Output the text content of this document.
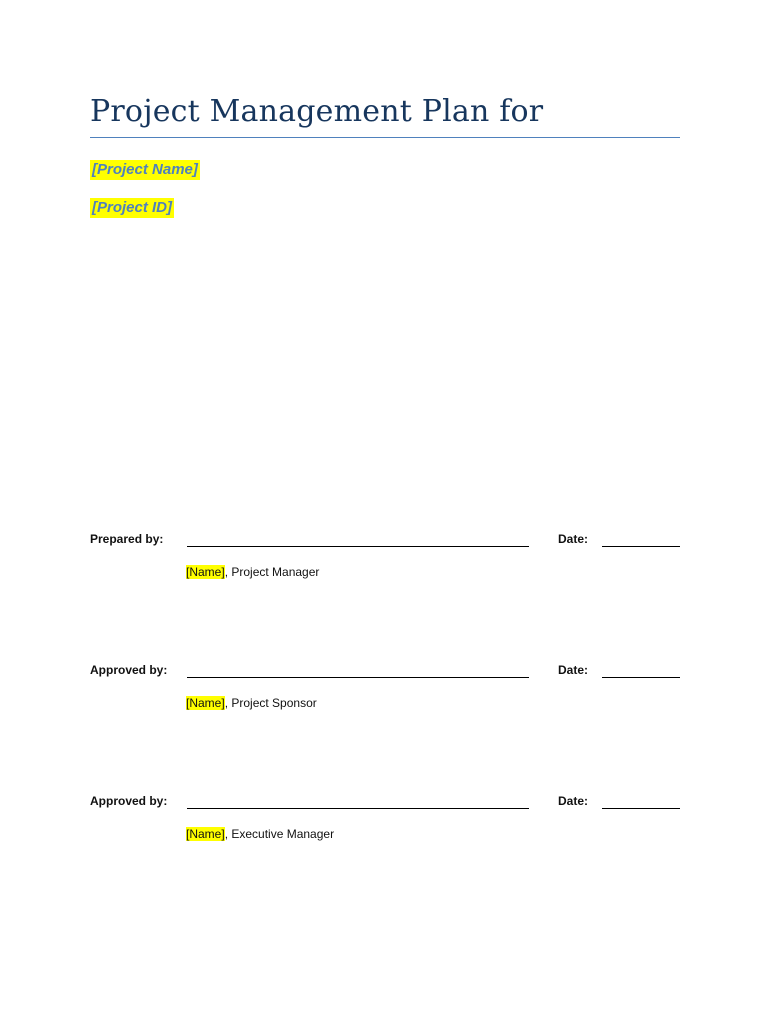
Project Management Plan for
[Project Name]
[Project ID]
Prepared by:	Date:
[Name], Project Manager
Approved by:	Date:
[Name], Project Sponsor
Approved by:	Date:
[Name], Executive Manager
